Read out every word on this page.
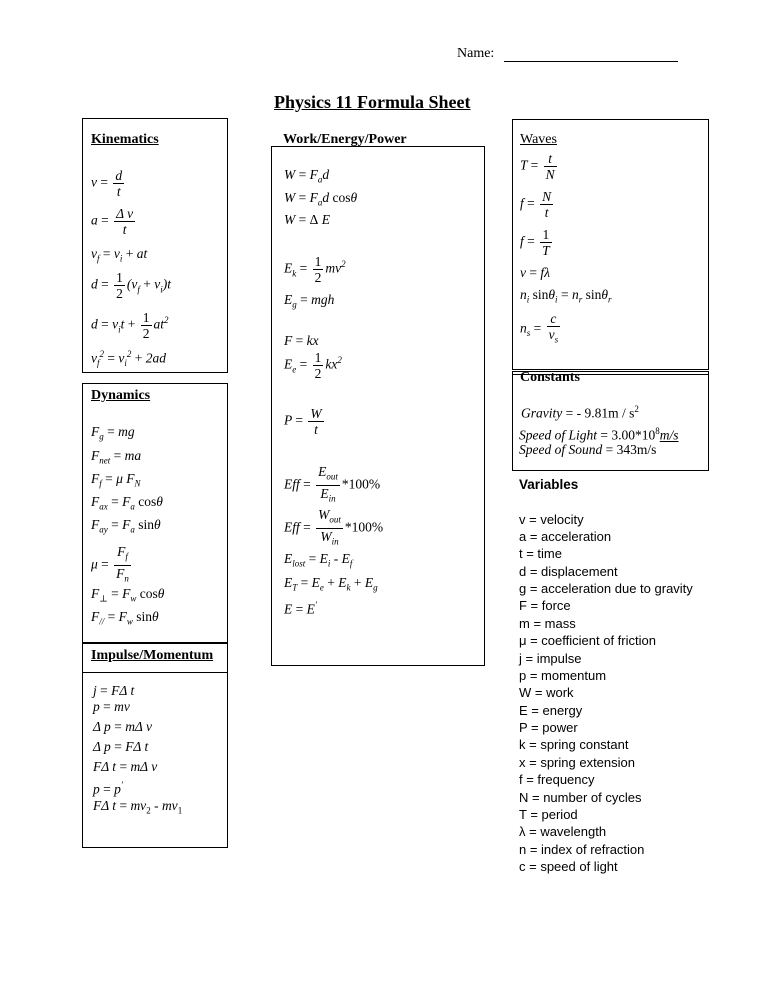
Name:
Physics 11 Formula Sheet
Kinematics
$v = \frac{d}{t}$
$a = \frac{\text{Δ v}}{t}$
$v_f = v_i$ + at
$d = \frac{1}{2} (v_f + v_i)t$
$d = v_it + \frac{1}{2} at^2$
$v_f^2 = v_i^2 + 2ad$
Dynamics
$F_g$ = mg
$F_{net}$ = ma
$F_f = \mu$ $F_N$
$F_{ax} = F_a$ cosθ
$F_{ay} = F_a$ sinθ
$\mu = \frac{F_f}{F_n}$
$F_\perp = F_w$ cosθ
$F_{//} = F_w$ sinθ
Impulse/Momentum
j = FΔ t
p = mv
Δ p = mΔ v
Δ p = FΔ t
FΔ t = mΔ v
p = p′
FΔ $t = mv_2 - mv_1$
Work/Energy/Power
$W = F_ad$
$W = F_ad$ cosθ
W = Δ E
$E_k = \frac{1}{2} mv^2$
$E_g$ = mgh
F = kx
$E_e = \frac{1}{2} kx^2$
$P = \frac{W}{t}$
Eff = $\frac{E_{out}}{E_{in}} *100\%$
Eff = $\frac{W_{out}}{W_{in}} *100\%$
$E_{lost} = E_i - E_f$
$E_T = E_e + E_k + E_g$
E = E′
Waves
$T = \frac{t}{N}$
$f = \frac{N}{t}$
$f = \frac{1}{T}$
v = fλ
$n_i$ $\sin\theta_i = n_r$ sinθ$_r$
$n_s = \frac{c}{v_s}$
Constants
Gravity = - $9.81m / s^2$
Speed of Light = $3.00*10^8m/s$
Speed of Sound = 343m/s
Variables
v = velocity
a = acceleration
t = time
d = displacement
g = acceleration due to gravity
F = force
m = mass
μ = coefficient of friction
j = impulse
p = momentum
W = work
E = energy
P = power
k = spring constant
x = spring extension
f = frequency
N = number of cycles
T = period
λ = wavelength
n = index of refraction
c = speed of light
